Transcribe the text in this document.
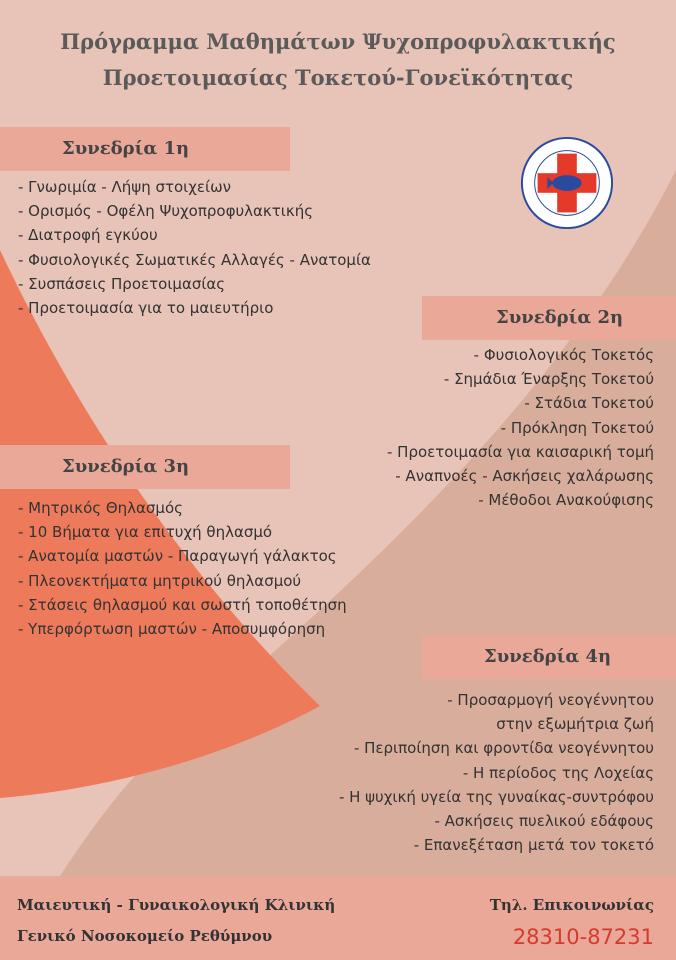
Πρόγραμμα Μαθημάτων Ψυχοπροφυλακτικής
Προετοιμασίας Τοκετού-Γονεϊκότητας
Συνεδρία 1η
- Γνωριμία - Λήψη στοιχείων
- Ορισμός - Οφέλη Ψυχοπροφυλακτικής
- Διατροφή εγκύου
- Φυσιολογικές Σωματικές Αλλαγές - Ανατομία
- Συσπάσεις Προετοιμασίας
- Προετοιμασία για το μαιευτήριο	Συνεδρία 2η
- Φυσιολογικός Τοκετός
- Σημάδια Έναρξης Τοκετού
- Στάδια Τοκετού
- Πρόκληση Τοκετού
- Προετοιμασία για καισαρική τομή
- Αναπνοές - Ασκήσεις χαλάρωσης
- Μέθοδοι Ανακούφισης
Συνεδρία 3η
- Μητρικός Θηλασμός
- 10 Βήματα για επιτυχή θηλασμό
- Ανατομία μαστών - Παραγωγή γάλακτος
- Πλεονεκτήματα μητρικού θηλασμού
- Στάσεις θηλασμού και σωστή τοποθέτηση
- Υπερφόρτωση μαστών - Αποσυμφόρηση
Συνεδρία 4η
- Προσαρμογή νεογέννητου
στην εξωμήτρια ζωή
- Περιποίηση και φροντίδα νεογέννητου
- Η περίοδος της Λοχείας
- Η ψυχική υγεία της γυναίκας-συντρόφου
- Ασκήσεις πυελικού εδάφους
- Επανεξέταση μετά τον τοκετό
Μαιευτική - Γυναικολογική Κλινική
Γενικό Νοσοκομείο Ρεθύμνου
Τηλ. Επικοινωνίας
28310-87231
